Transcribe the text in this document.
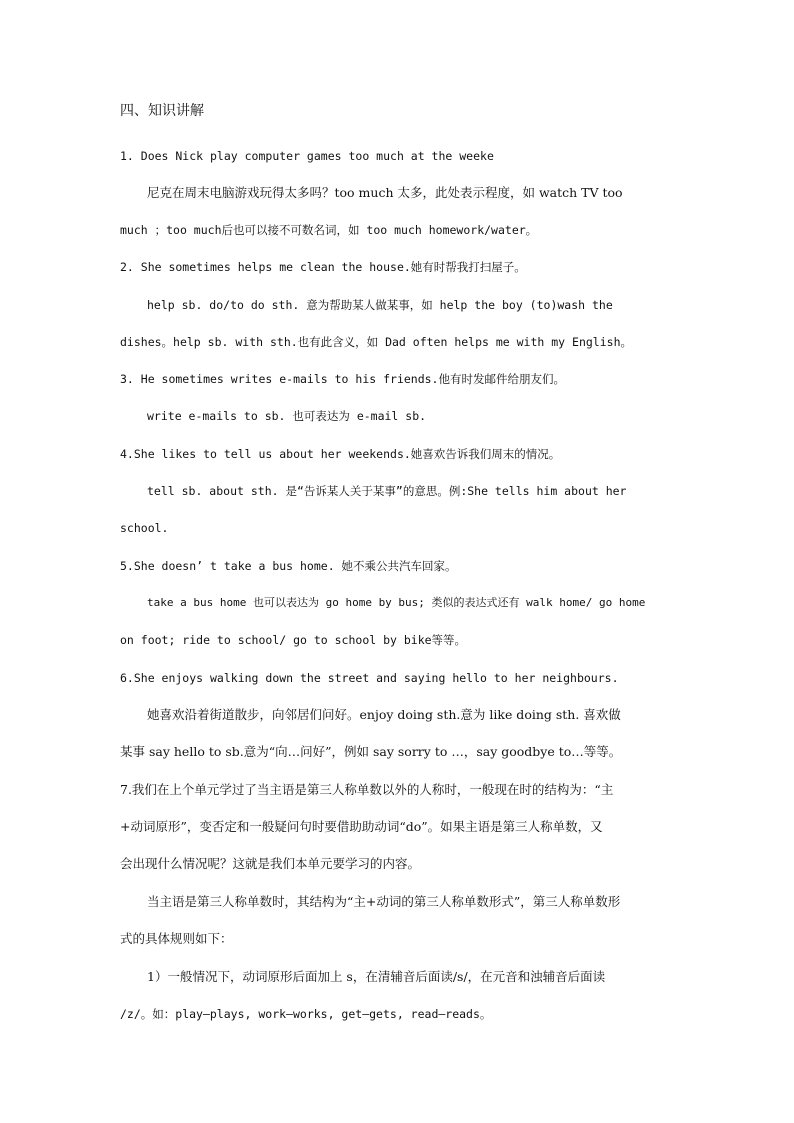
四、知识讲解
1. Does Nick play computer games too much at the weeke
尼克在周末电脑游戏玩得太多吗？too much 太多，此处表示程度，如 watch TV too
much ；too much后也可以接不可数名词，如 too much homework/water。
2. She sometimes helps me clean the house.她有时帮我打扫屋子。
help sb. do/to do sth. 意为帮助某人做某事，如 help the boy (to)wash the
dishes。help sb. with sth.也有此含义，如 Dad often helps me with my English。
3. He sometimes writes e-mails to his friends.他有时发邮件给朋友们。
write e-mails to sb. 也可表达为 e-mail sb.
4.She likes to tell us about her weekends.她喜欢告诉我们周末的情况。
tell sb. about sth. 是“告诉某人关于某事”的意思。例:She tells him about her
school.
5.She doesn’ t take a bus home. 她不乘公共汽车回家。
take a bus home 也可以表达为 go home by bus; 类似的表达式还有 walk home/ go home
on foot; ride to school/ go to school by bike等等。
6.She enjoys walking down the street and saying hello to her neighbours.
她喜欢沿着街道散步，向邻居们问好。enjoy doing sth.意为 like doing sth. 喜欢做
某事 say hello to sb.意为“向…问好”，例如 say sorry to …，say goodbye to…等等。
7.我们在上个单元学过了当主语是第三人称单数以外的人称时，一般现在时的结构为：“主
+动词原形”，变否定和一般疑问句时要借助助动词“do”。如果主语是第三人称单数，又
会出现什么情况呢？这就是我们本单元要学习的内容。
当主语是第三人称单数时，其结构为“主+动词的第三人称单数形式”，第三人称单数形
式的具体规则如下：
1）一般情况下，动词原形后面加上 s，在清辅音后面读/s/，在元音和浊辅音后面读
/z/。如：play—plays, work—works, get—gets, read—reads。
